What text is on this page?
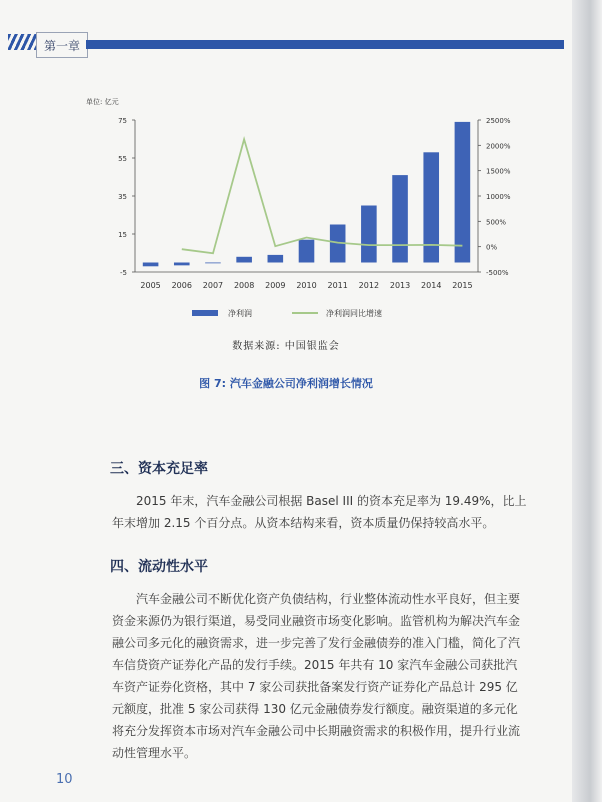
第一章
单位: 亿元
75
55
35
15
-5
2500%
2000%
1500%
1000%
500%
0%
-500%
2005 2006 2007 2008 2009 2010 2011 2012 2013 2014 2015
净利润	净利润同比增速
数据来源: 中国银监会
图 7: 汽车金融公司净利润增长情况
三、资本充足率

2015 年末，汽车金融公司根据 Basel III 的资本充足率为 19.49%，比上年末增加 2.15 个百分点。从资本结构来看，资本质量仍保持较高水平。

四、流动性水平

汽车金融公司不断优化资产负债结构，行业整体流动性水平良好，但主要资金来源仍为银行渠道，易受同业融资市场变化影响。监管机构为解决汽车金融公司多元化的融资需求，进一步完善了发行金融债券的准入门槛，简化了汽车信贷资产证券化产品的发行手续。2015 年共有 10 家汽车金融公司获批汽车资产证券化资格，其中 7 家公司获批备案发行资产证券化产品总计 295 亿元额度，批准 5 家公司获得 130 亿元金融债券发行额度。融资渠道的多元化将充分发挥资本市场对汽车金融公司中长期融资需求的积极作用，提升行业流动性管理水平。

10
